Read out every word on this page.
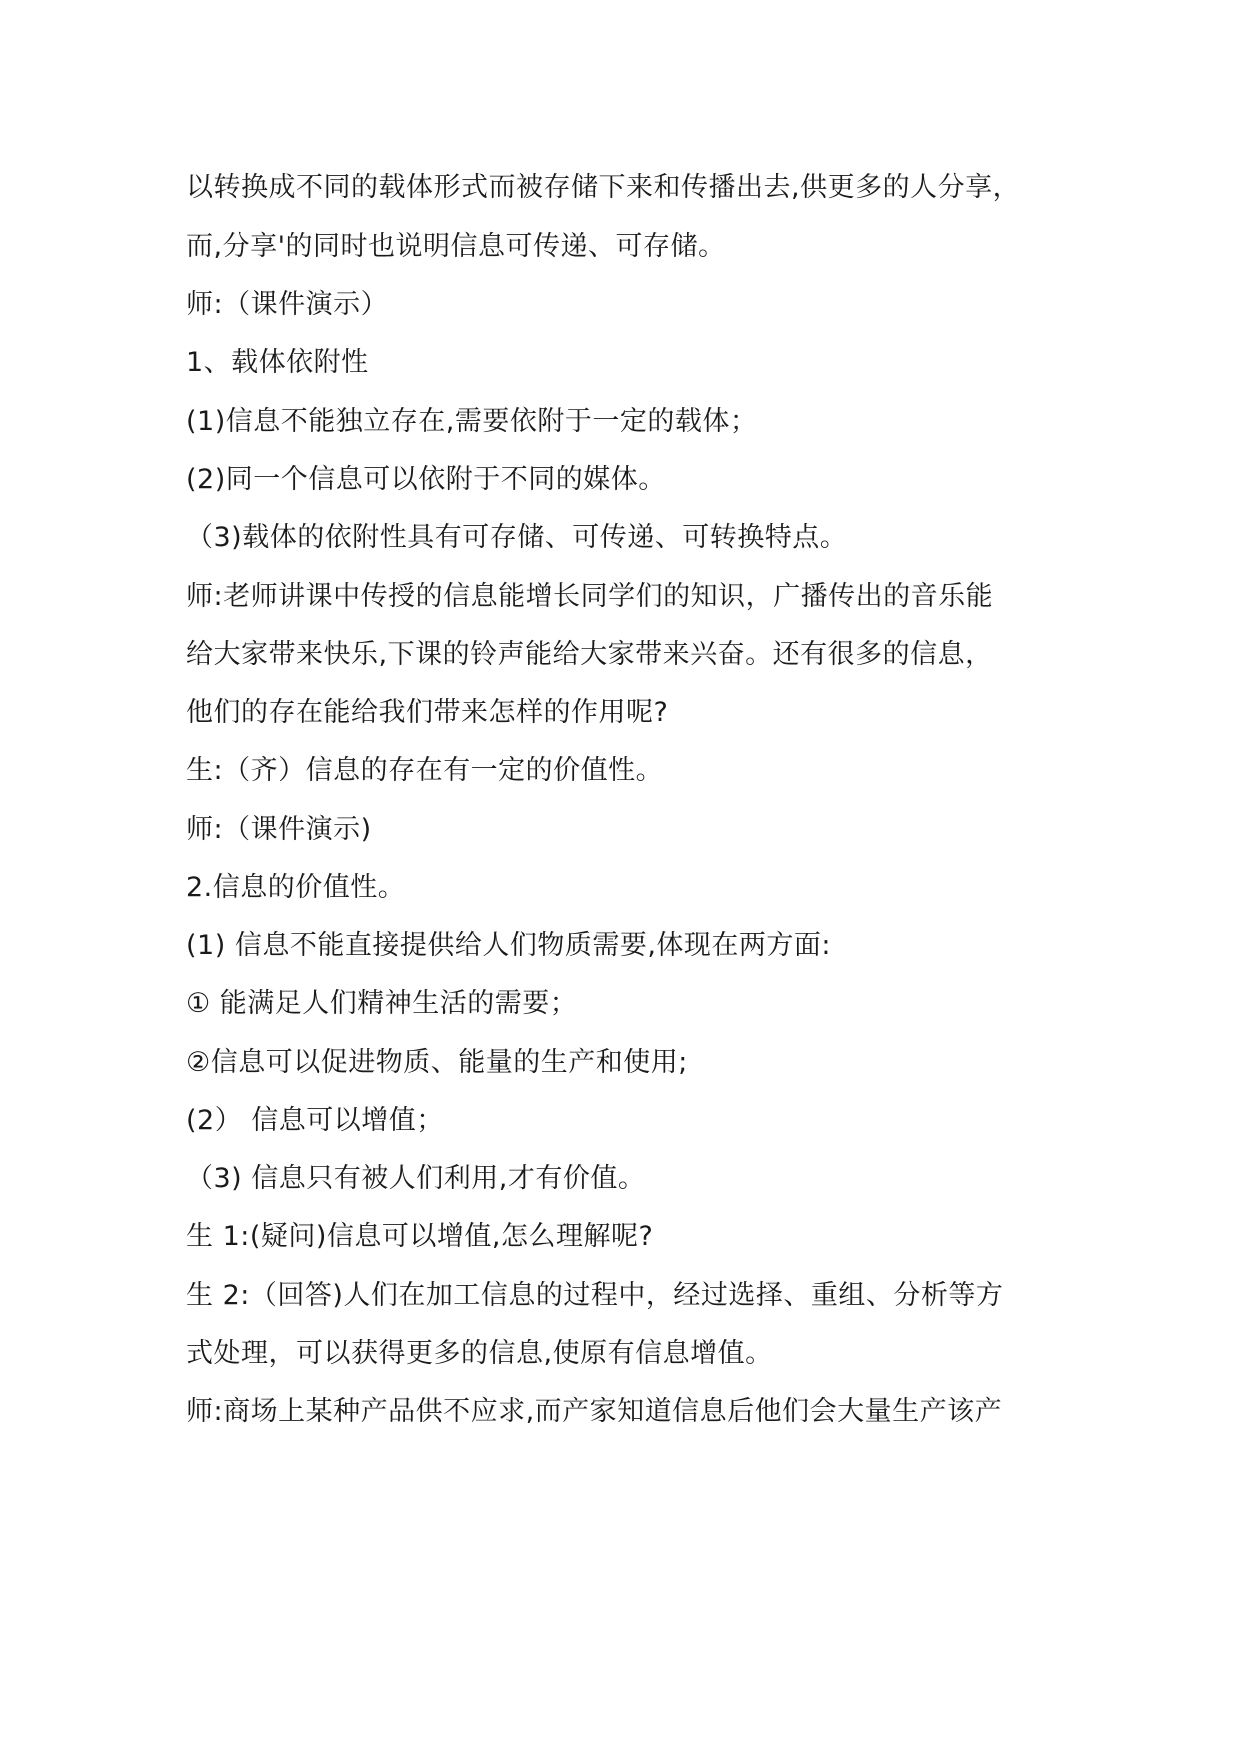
以转换成不同的载体形式而被存储下来和传播出去,供更多的人分享，
而,分享'的同时也说明信息可传递、可存储。
师:（课件演示）
1、载体依附性
(1)信息不能独立存在,需要依附于一定的载体；
(2)同一个信息可以依附于不同的媒体。
（3)载体的依附性具有可存储、可传递、可转换特点。
师:老师讲课中传授的信息能增长同学们的知识，广播传出的音乐能
给大家带来快乐,下课的铃声能给大家带来兴奋。还有很多的信息，
他们的存在能给我们带来怎样的作用呢?
生:（齐）信息的存在有一定的价值性。
师:（课件演示)
2.信息的价值性。
(1) 信息不能直接提供给人们物质需要,体现在两方面:
① 能满足人们精神生活的需要；
②信息可以促进物质、能量的生产和使用;
(2） 信息可以增值；
（3) 信息只有被人们利用,才有价值。
生 1:(疑问)信息可以增值,怎么理解呢?
生 2:（回答)人们在加工信息的过程中，经过选择、重组、分析等方
式处理，可以获得更多的信息,使原有信息增值。
师:商场上某种产品供不应求,而产家知道信息后他们会大量生产该产
